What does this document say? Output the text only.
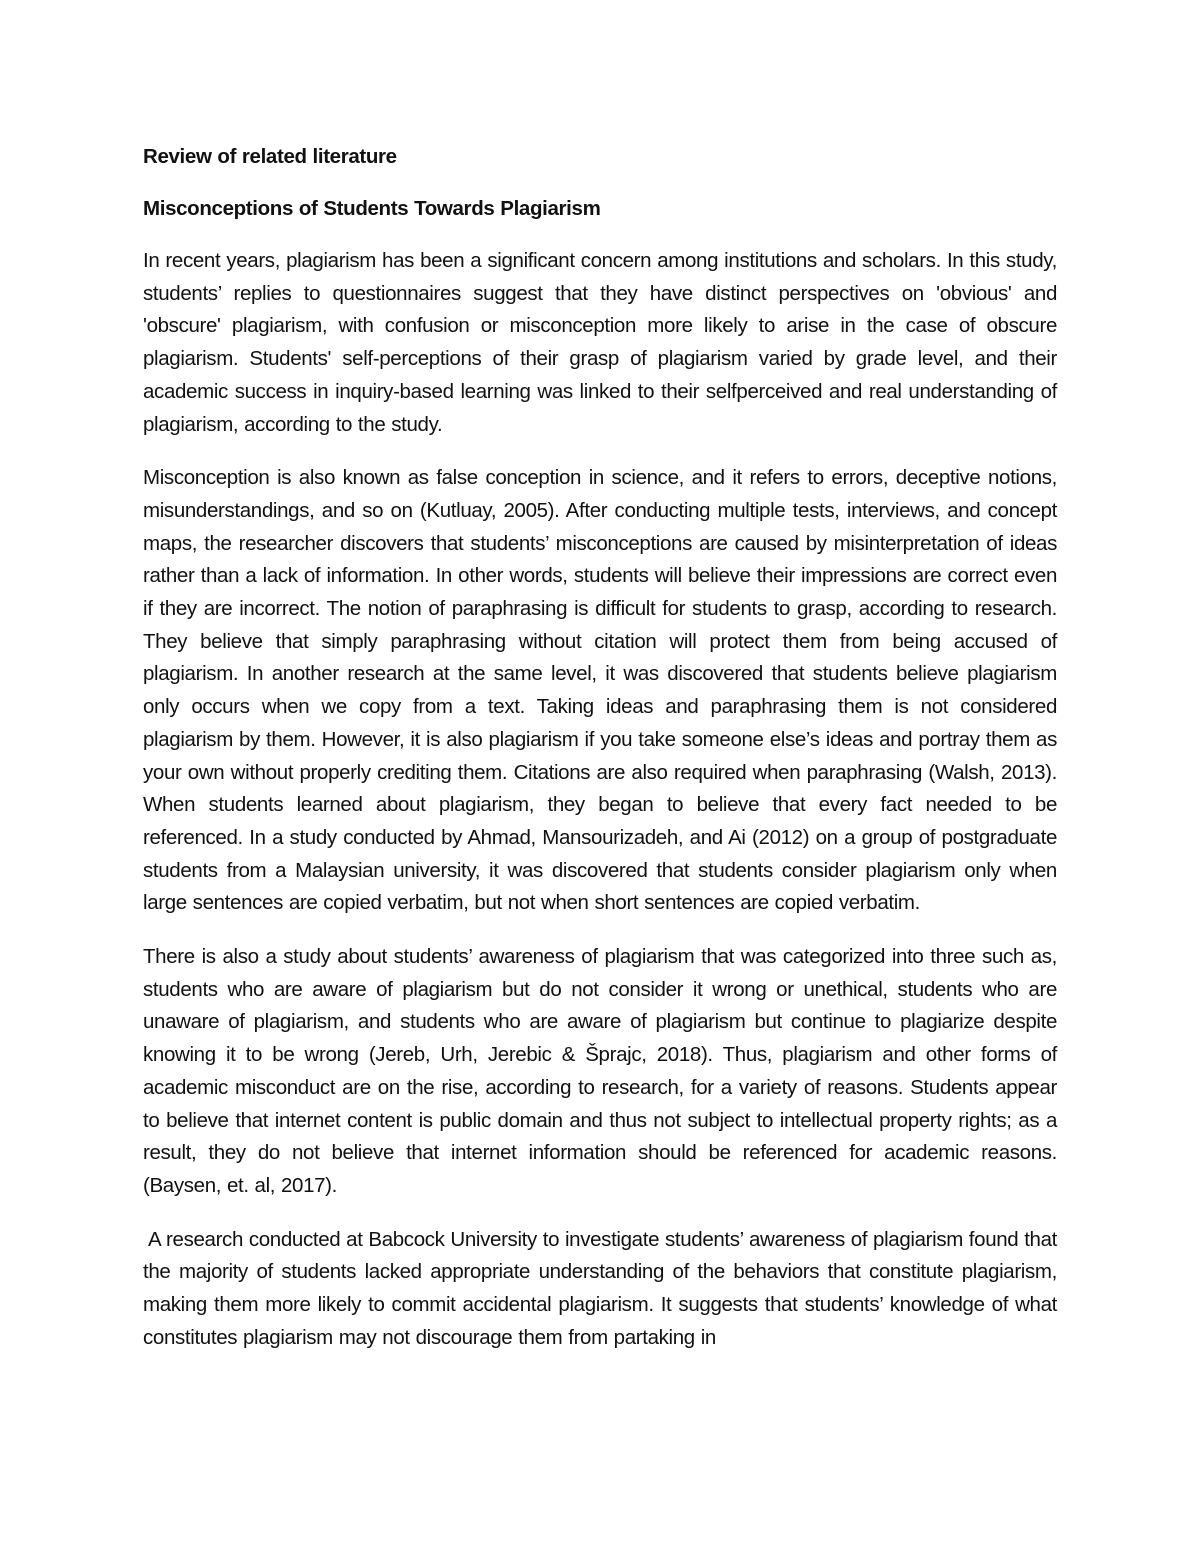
Review of related literature

Misconceptions of Students Towards Plagiarism

In recent years, plagiarism has been a significant concern among institutions and scholars. In this study, students’ replies to questionnaires suggest that they have distinct perspectives on 'obvious' and 'obscure' plagiarism, with confusion or misconception more likely to arise in the case of obscure plagiarism. Students' self-perceptions of their grasp of plagiarism varied by grade level, and their academic success in inquiry-based learning was linked to their selfperceived and real understanding of plagiarism, according to the study.

Misconception is also known as false conception in science, and it refers to errors, deceptive notions, misunderstandings, and so on (Kutluay, 2005). After conducting multiple tests, interviews, and concept maps, the researcher discovers that students’ misconceptions are caused by misinterpretation of ideas rather than a lack of information. In other words, students will believe their impressions are correct even if they are incorrect. The notion of paraphrasing is difficult for students to grasp, according to research. They believe that simply paraphrasing without citation will protect them from being accused of plagiarism. In another research at the same level, it was discovered that students believe plagiarism only occurs when we copy from a text. Taking ideas and paraphrasing them is not considered plagiarism by them. However, it is also plagiarism if you take someone else’s ideas and portray them as your own without properly crediting them. Citations are also required when paraphrasing (Walsh, 2013). When students learned about plagiarism, they began to believe that every fact needed to be referenced. In a study conducted by Ahmad, Mansourizadeh, and Ai (2012) on a group of postgraduate students from a Malaysian university, it was discovered that students consider plagiarism only when large sentences are copied verbatim, but not when short sentences are copied verbatim.

There is also a study about students’ awareness of plagiarism that was categorized into three such as, students who are aware of plagiarism but do not consider it wrong or unethical, students who are unaware of plagiarism, and students who are aware of plagiarism but continue to plagiarize despite knowing it to be wrong (Jereb, Urh, Jerebic & Šprajc, 2018). Thus, plagiarism and other forms of academic misconduct are on the rise, according to research, for a variety of reasons. Students appear to believe that internet content is public domain and thus not subject to intellectual property rights; as a result, they do not believe that internet information should be referenced for academic reasons. (Baysen, et. al, 2017).

A research conducted at Babcock University to investigate students’ awareness of plagiarism found that the majority of students lacked appropriate understanding of the behaviors that constitute plagiarism, making them more likely to commit accidental plagiarism. It suggests that students’ knowledge of what constitutes plagiarism may not discourage them from partaking in
